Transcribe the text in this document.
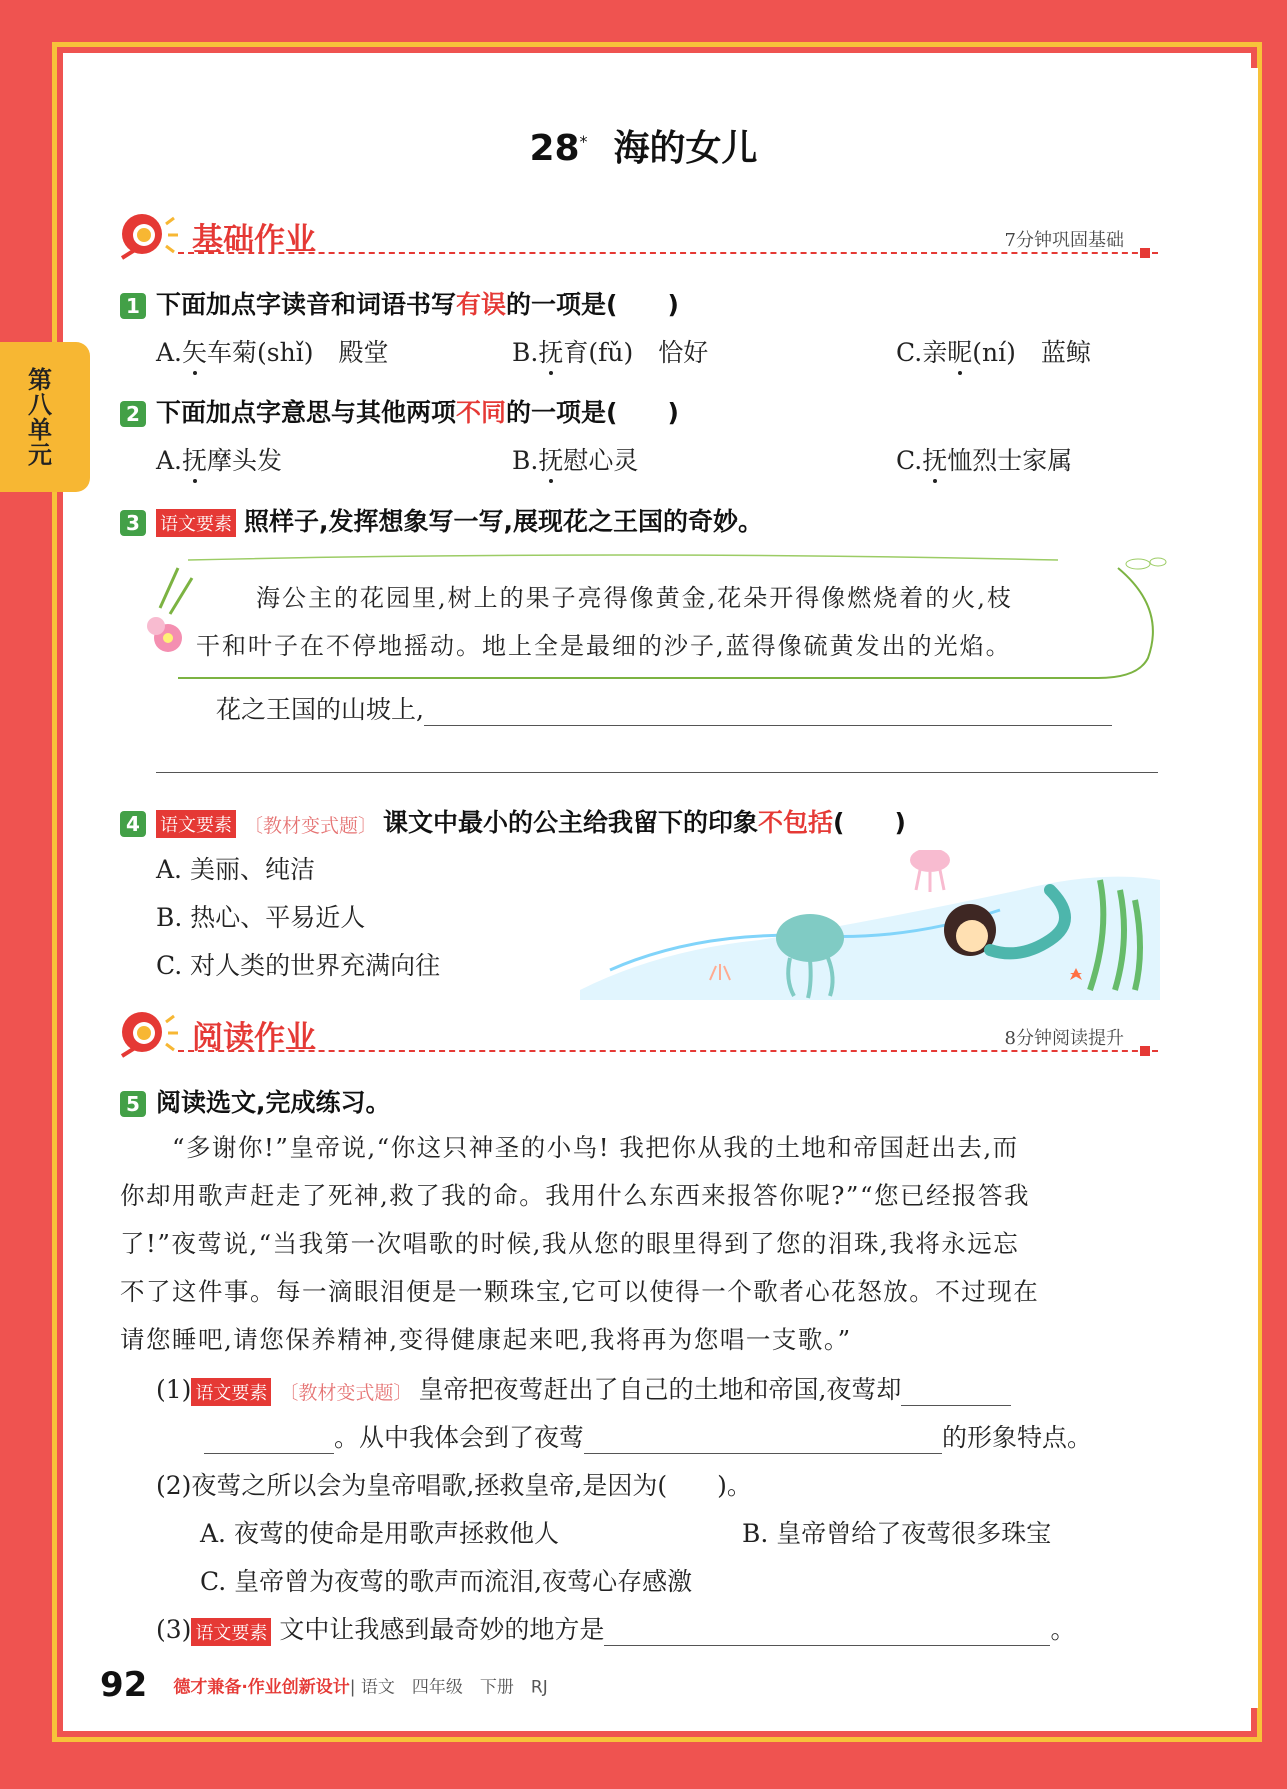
第八单元
28* 海的女儿
基础作业	7分钟巩固基础
1 下面加点字读音和词语书写有误的一项是(　　)
A.矢车菊(shǐ)　殿堂	B.抚育(fǔ)　恰好	C.亲昵(ní)　蓝鲸
2 下面加点字意思与其他两项不同的一项是(　　)
A.抚摩头发	B.抚慰心灵	C.抚恤烈士家属
3 语文要素 照样子,发挥想象写一写,展现花之王国的奇妙。
海公主的花园里,树上的果子亮得像黄金,花朵开得像燃烧着的火,枝
干和叶子在不停地摇动。地上全是最细的沙子,蓝得像硫黄发出的光焰。
花之王国的山坡上,
4 语文要素 〔教材变式题〕 课文中最小的公主给我留下的印象不包括(　　)
A. 美丽、纯洁
B. 热心、平易近人
C. 对人类的世界充满向往
阅读作业	8分钟阅读提升
5 阅读选文,完成练习。
“多谢你!”皇帝说,“你这只神圣的小鸟! 我把你从我的土地和帝国赶出去,而
你却用歌声赶走了死神,救了我的命。我用什么东西来报答你呢?”“您已经报答我
了!”夜莺说,“当我第一次唱歌的时候,我从您的眼里得到了您的泪珠,我将永远忘
不了这件事。每一滴眼泪便是一颗珠宝,它可以使得一个歌者心花怒放。不过现在
请您睡吧,请您保养精神,变得健康起来吧,我将再为您唱一支歌。”
(1) 语文要素 〔教材变式题〕 皇帝把夜莺赶出了自己的土地和帝国,夜莺却
。从中我体会到了夜莺	的形象特点。
(2)夜莺之所以会为皇帝唱歌,拯救皇帝,是因为(　　)。
A. 夜莺的使命是用歌声拯救他人	B. 皇帝曾给了夜莺很多珠宝
C. 皇帝曾为夜莺的歌声而流泪,夜莺心存感激
(3) 语文要素 文中让我感到最奇妙的地方是	。
92 德才兼备·作业创新设计| 语文　四年级　下册　RJ
